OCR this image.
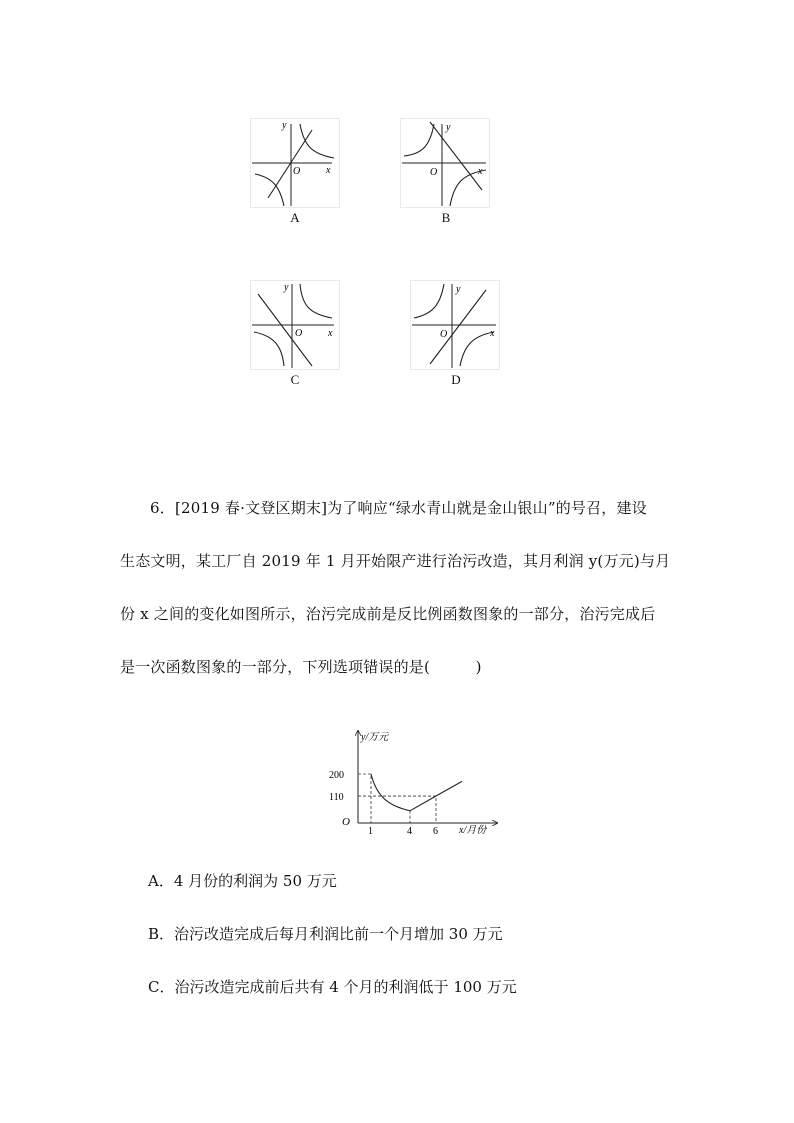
y
x
O
A
y
x
O
B
y
x
O
C
y
x
O
D
6．[2019 春·文登区期末]为了响应“绿水青山就是金山银山”的号召，建设
生态文明，某工厂自 2019 年 1 月开始限产进行治污改造，其月利润 y(万元)与月
份 x 之间的变化如图所示，治污完成前是反比例函数图象的一部分，治污完成后
是一次函数图象的一部分，下列选项错误的是(　　　)
y/万元
x/月份
O
1	4 6
200
110
A．4 月份的利润为 50 万元
B．治污改造完成后每月利润比前一个月增加 30 万元
C．治污改造完成前后共有 4 个月的利润低于 100 万元
